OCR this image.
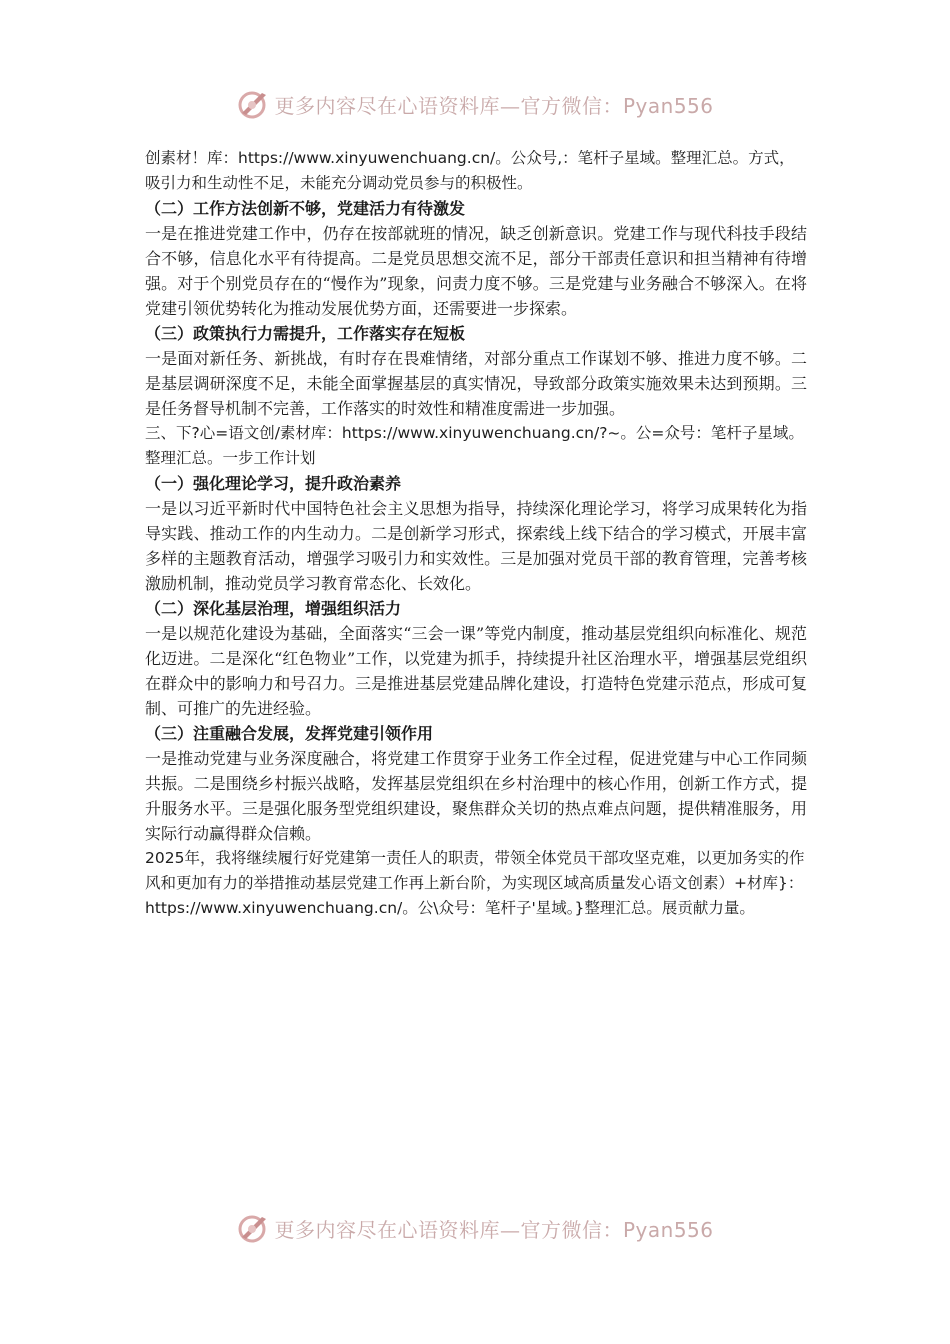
更多内容尽在心语资料库—官方微信：Pyan556

创素材！库：https://www.xinyuwenchuang.cn/。公众号,：笔杆子星域。整理汇总。方式，吸引力和生动性不足，未能充分调动党员参与的积极性。

（二）工作方法创新不够，党建活力有待激发

一是在推进党建工作中，仍存在按部就班的情况，缺乏创新意识。党建工作与现代科技手段结合不够，信息化水平有待提高。二是党员思想交流不足，部分干部责任意识和担当精神有待增强。对于个别党员存在的“慢作为”现象，问责力度不够。三是党建与业务融合不够深入。在将党建引领优势转化为推动发展优势方面，还需要进一步探索。

（三）政策执行力需提升，工作落实存在短板

一是面对新任务、新挑战，有时存在畏难情绪，对部分重点工作谋划不够、推进力度不够。二是基层调研深度不足，未能全面掌握基层的真实情况，导致部分政策实施效果未达到预期。三是任务督导机制不完善，工作落实的时效性和精准度需进一步加强。

三、下?心=语文创/素材库：https://www.xinyuwenchuang.cn/?~。公=众号：笔杆子星域。整理汇总。一步工作计划

（一）强化理论学习，提升政治素养

一是以习近平新时代中国特色社会主义思想为指导，持续深化理论学习，将学习成果转化为指导实践、推动工作的内生动力。二是创新学习形式，探索线上线下结合的学习模式，开展丰富多样的主题教育活动，增强学习吸引力和实效性。三是加强对党员干部的教育管理，完善考核激励机制，推动党员学习教育常态化、长效化。

（二）深化基层治理，增强组织活力

一是以规范化建设为基础，全面落实“三会一课”等党内制度，推动基层党组织向标准化、规范化迈进。二是深化“红色物业”工作，以党建为抓手，持续提升社区治理水平，增强基层党组织在群众中的影响力和号召力。三是推进基层党建品牌化建设，打造特色党建示范点，形成可复制、可推广的先进经验。

（三）注重融合发展，发挥党建引领作用

一是推动党建与业务深度融合，将党建工作贯穿于业务工作全过程，促进党建与中心工作同频共振。二是围绕乡村振兴战略，发挥基层党组织在乡村治理中的核心作用，创新工作方式，提升服务水平。三是强化服务型党组织建设，聚焦群众关切的热点难点问题，提供精准服务，用实际行动赢得群众信赖。

2025年，我将继续履行好党建第一责任人的职责，带领全体党员干部攻坚克难，以更加务实的作风和更加有力的举措推动基层党建工作再上新台阶，为实现区域高质量发心语文创素）+材库}：https://www.xinyuwenchuang.cn/。公\众号：笔杆子'星域。}整理汇总。展贡献力量。

更多内容尽在心语资料库—官方微信：Pyan556
